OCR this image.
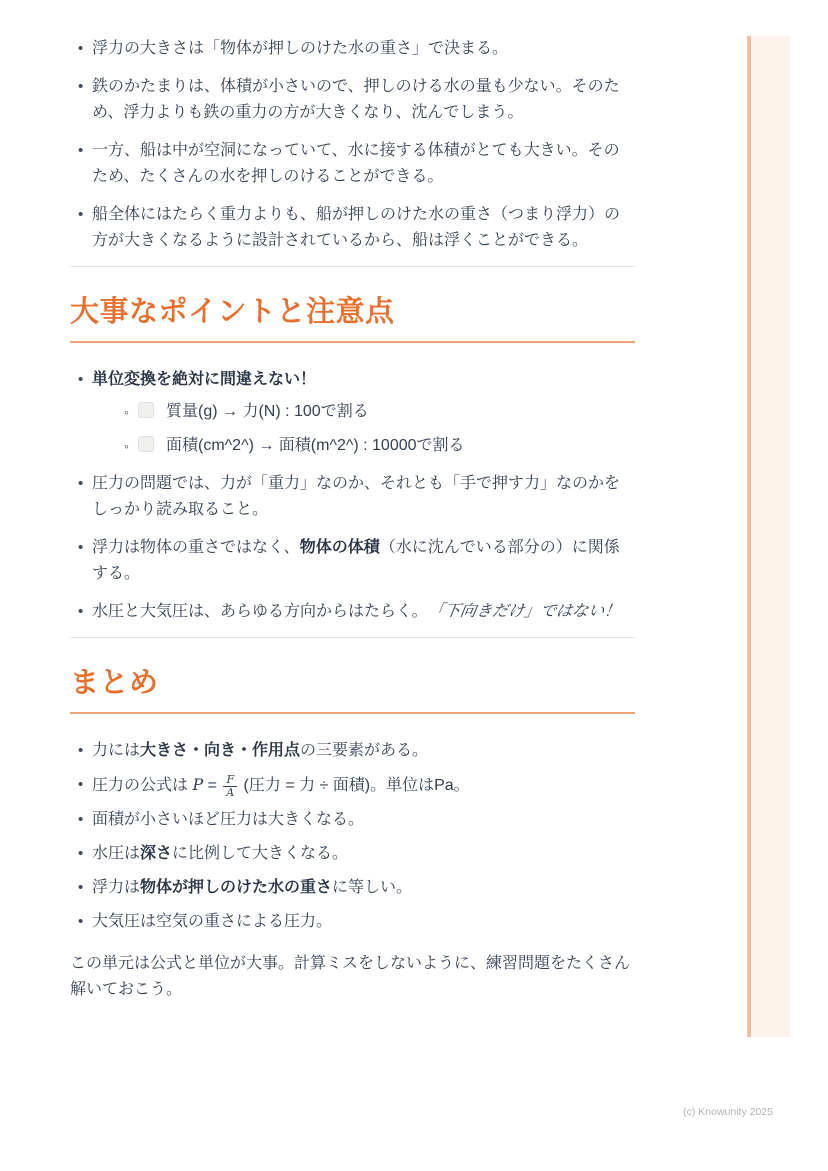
• 浮力の大きさは「物体が押しのけた水の重さ」で決まる。
• 鉄のかたまりは、体積が小さいので、押しのける水の量も少ない。そのため、浮力よりも鉄の重力の方が大きくなり、沈んでしまう。
• 一方、船は中が空洞になっていて、水に接する体積がとても大きい。そのため、たくさんの水を押しのけることができる。
• 船全体にはたらく重力よりも、船が押しのけた水の重さ（つまり浮力）の方が大きくなるように設計されているから、船は浮くことができる。
大事なポイントと注意点
• 単位変換を絶対に間違えない！
◦ 質量(g) → 力(N) : 100で割る
◦ 面積(cm^2^) → 面積(m^2^) : 10000で割る
• 圧力の問題では、力が「重力」なのか、それとも「手で押す力」なのかをしっかり読み取ること。
• 浮力は物体の重さではなく、物体の体積（水に沈んでいる部分の）に関係する。
• 水圧と大気圧は、あらゆる方向からはたらく。「下向きだけ」ではない！
まとめ
• 力には大きさ・向き・作用点の三要素がある。
• 圧力の公式は $P = \frac{F}{A}$ (圧力 = 力 ÷ 面積)。単位はPa。
• 面積が小さいほど圧力は大きくなる。
• 水圧は深さに比例して大きくなる。
• 浮力は物体が押しのけた水の重さに等しい。
• 大気圧は空気の重さによる圧力。

この単元は公式と単位が大事。計算ミスをしないように、練習問題をたくさん解いておこう。

(c) Knowunity 2025
